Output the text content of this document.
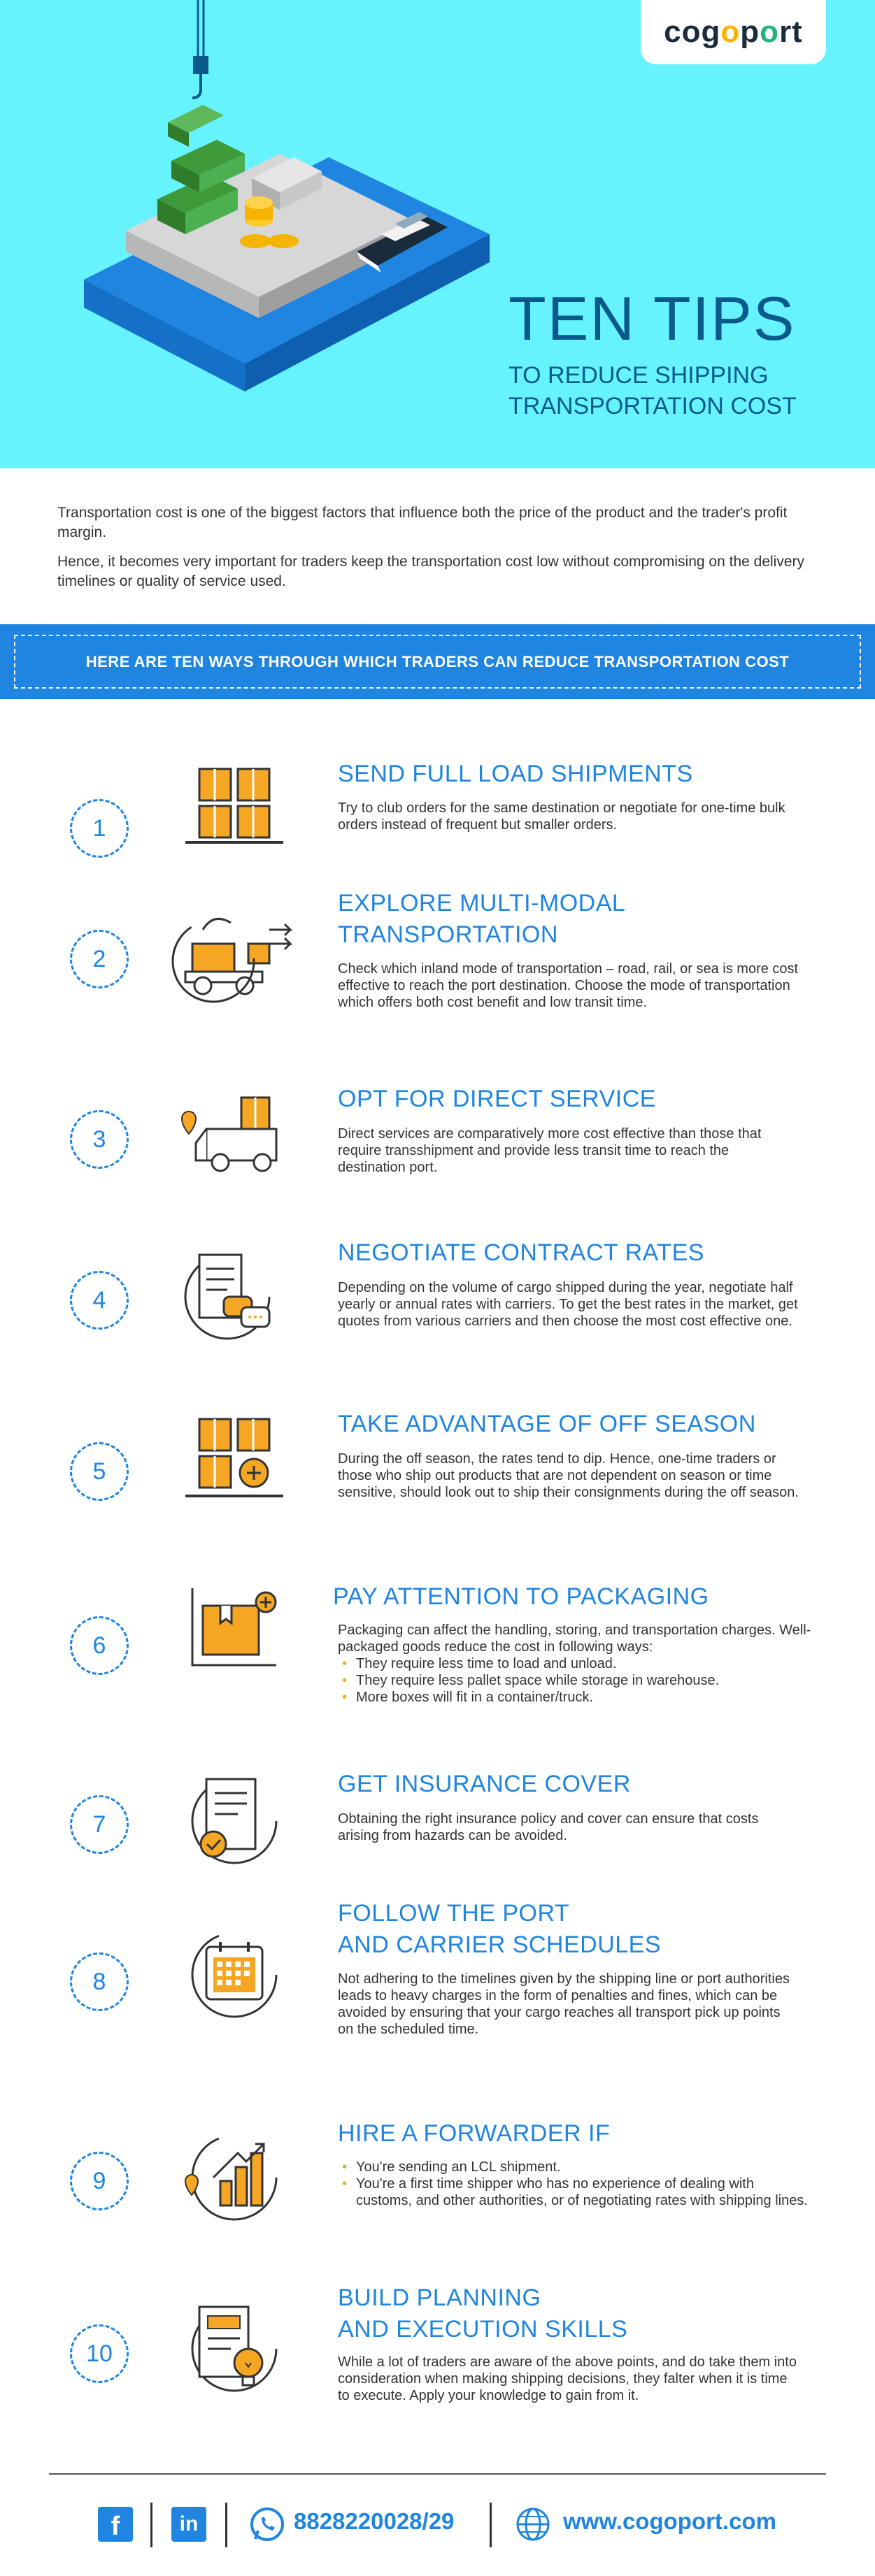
cogoport
TEN TIPS
TO REDUCE SHIPPING
TRANSPORTATION COST

Transportation cost is one of the biggest factors that influence both the price of the product and the trader's profit margin.

Hence, it becomes very important for traders keep the transportation cost low without compromising on the delivery timelines or quality of service used.

HERE ARE TEN WAYS THROUGH WHICH TRADERS CAN REDUCE TRANSPORTATION COST
1
SEND FULL LOAD SHIPMENTS
Try to club orders for the same destination or negotiate for one-time bulk orders instead of frequent but smaller orders.
2
EXPLORE MULTI-MODAL TRANSPORTATION
Check which inland mode of transportation – road, rail, or sea is more cost effective to reach the port destination. Choose the mode of transportation which offers both cost benefit and low transit time.
3
OPT FOR DIRECT SERVICE
Direct services are comparatively more cost effective than those that require transshipment and provide less transit time to reach the destination port.
4
NEGOTIATE CONTRACT RATES
Depending on the volume of cargo shipped during the year, negotiate half yearly or annual rates with carriers. To get the best rates in the market, get quotes from various carriers and then choose the most cost effective one.
5
TAKE ADVANTAGE OF OFF SEASON
During the off season, the rates tend to dip. Hence, one-time traders or those who ship out products that are not dependent on season or time sensitive, should look out to ship their consignments during the off season.
6
PAY ATTENTION TO PACKAGING
Packaging can affect the handling, storing, and transportation charges. Well-packaged goods reduce the cost in following ways:
• They require less time to load and unload.
• They require less pallet space while storage in warehouse.
• More boxes will fit in a container/truck.
7
GET INSURANCE COVER
Obtaining the right insurance policy and cover can ensure that costs arising from hazards can be avoided.
8
FOLLOW THE PORT
AND CARRIER SCHEDULES
Not adhering to the timelines given by the shipping line or port authorities leads to heavy charges in the form of penalties and fines, which can be avoided by ensuring that your cargo reaches all transport pick up points on the scheduled time.
9
HIRE A FORWARDER IF
• You're sending an LCL shipment.
• You're a first time shipper who has no experience of dealing with customs, and other authorities, or of negotiating rates with shipping lines.
10
BUILD PLANNING
AND EXECUTION SKILLS
While a lot of traders are aware of the above points, and do take them into consideration when making shipping decisions, they falter when it is time to execute. Apply your knowledge to gain from it.
f	in	8828220028/29	www.cogoport.com
